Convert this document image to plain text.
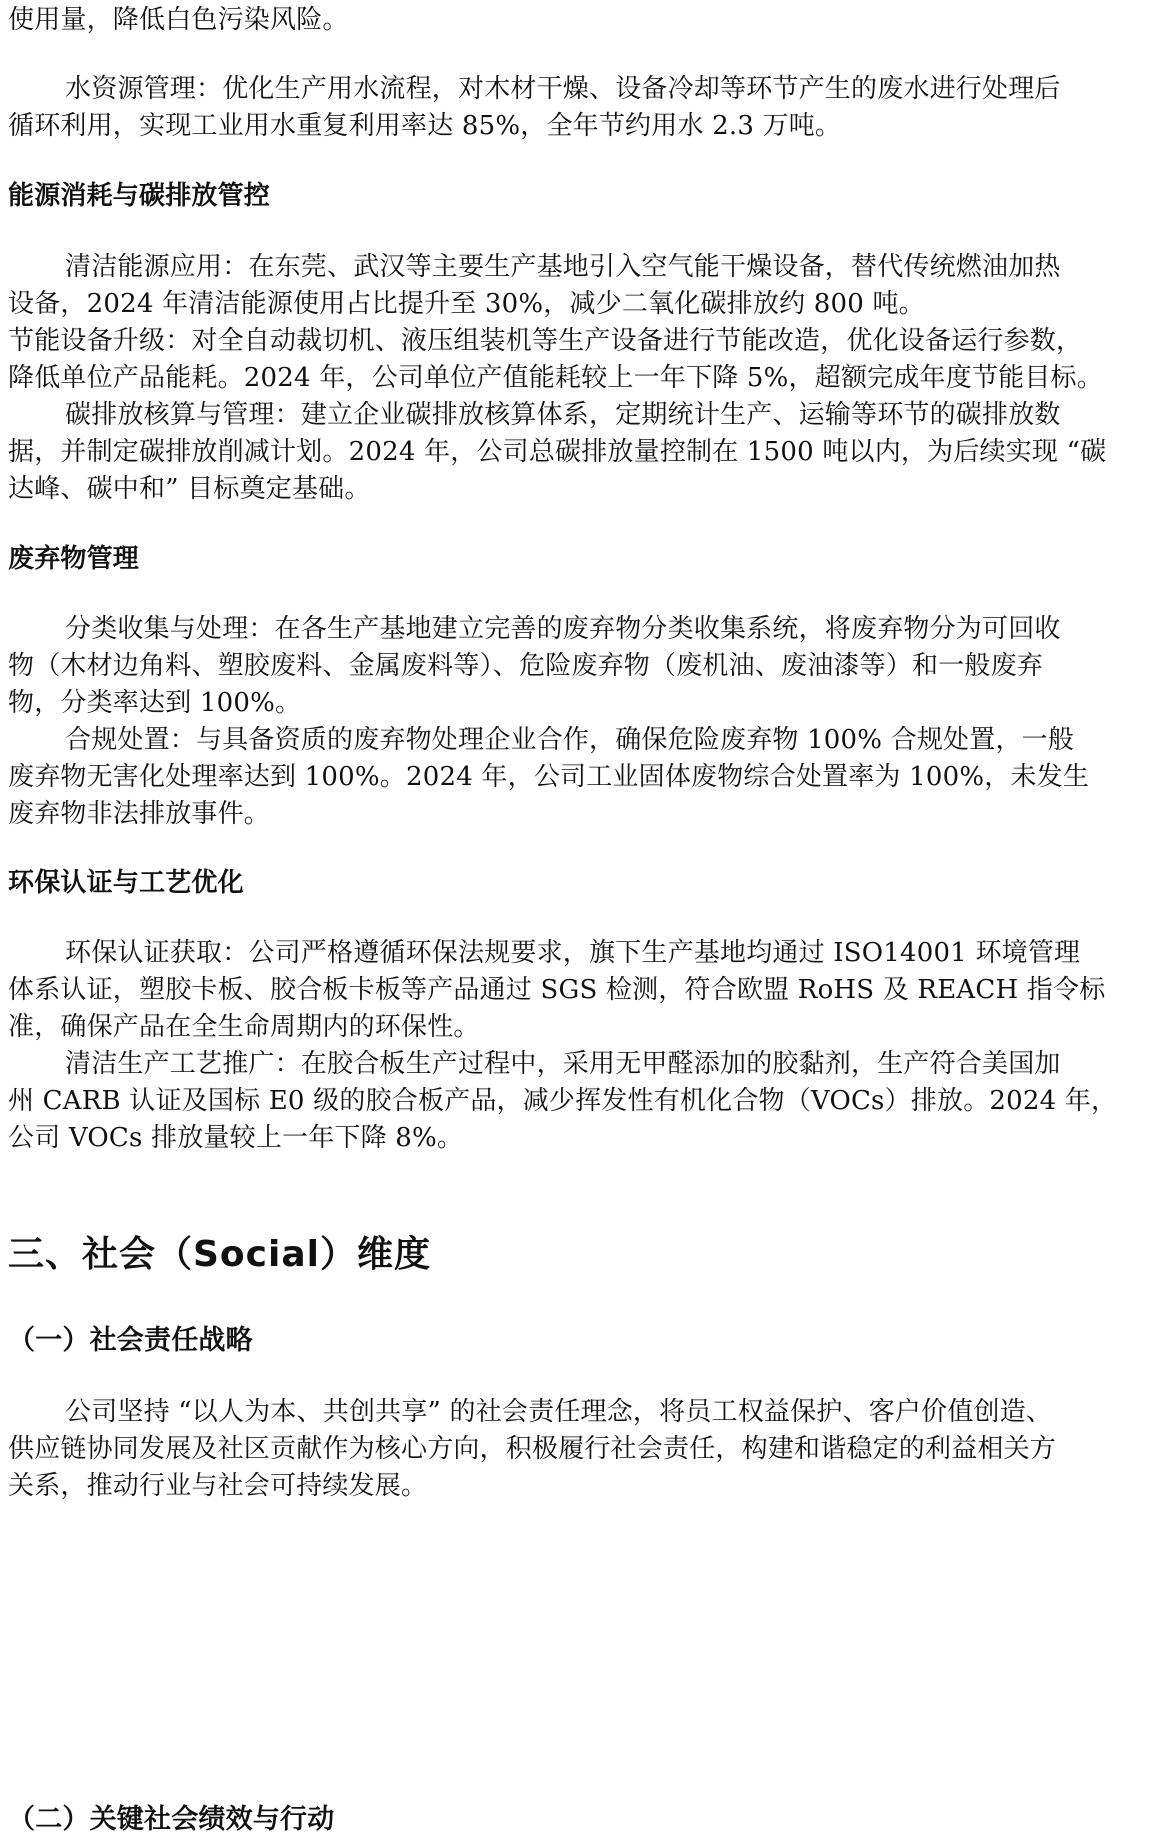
使用量，降低白色污染风险。
水资源管理：优化生产用水流程，对木材干燥、设备冷却等环节产生的废水进行处理后
循环利用，实现工业用水重复利用率达 85%，全年节约用水 2.3 万吨。
能源消耗与碳排放管控
清洁能源应用：在东莞、武汉等主要生产基地引入空气能干燥设备，替代传统燃油加热
设备，2024 年清洁能源使用占比提升至 30%，减少二氧化碳排放约 800 吨。
节能设备升级：对全自动裁切机、液压组装机等生产设备进行节能改造，优化设备运行参数，
降低单位产品能耗。2024 年，公司单位产值能耗较上一年下降 5%，超额完成年度节能目标。
碳排放核算与管理：建立企业碳排放核算体系，定期统计生产、运输等环节的碳排放数
据，并制定碳排放削减计划。2024 年，公司总碳排放量控制在 1500 吨以内，为后续实现 “碳
达峰、碳中和” 目标奠定基础。
废弃物管理
分类收集与处理：在各生产基地建立完善的废弃物分类收集系统，将废弃物分为可回收
物（木材边角料、塑胶废料、金属废料等）、危险废弃物（废机油、废油漆等）和一般废弃
物，分类率达到 100%。
合规处置：与具备资质的废弃物处理企业合作，确保危险废弃物 100% 合规处置，一般
废弃物无害化处理率达到 100%。2024 年，公司工业固体废物综合处置率为 100%，未发生
废弃物非法排放事件。
环保认证与工艺优化
环保认证获取：公司严格遵循环保法规要求，旗下生产基地均通过 ISO14001 环境管理
体系认证，塑胶卡板、胶合板卡板等产品通过 SGS 检测，符合欧盟 RoHS 及 REACH 指令标
准，确保产品在全生命周期内的环保性。
清洁生产工艺推广：在胶合板生产过程中，采用无甲醛添加的胶黏剂，生产符合美国加
州 CARB 认证及国标 E0 级的胶合板产品，减少挥发性有机化合物（VOCs）排放。2024 年，
公司 VOCs 排放量较上一年下降 8%。
三、社会（Social）维度
（一）社会责任战略
公司坚持 “以人为本、共创共享” 的社会责任理念，将员工权益保护、客户价值创造、
供应链协同发展及社区贡献作为核心方向，积极履行社会责任，构建和谐稳定的利益相关方
关系，推动行业与社会可持续发展。
（二）关键社会绩效与行动
